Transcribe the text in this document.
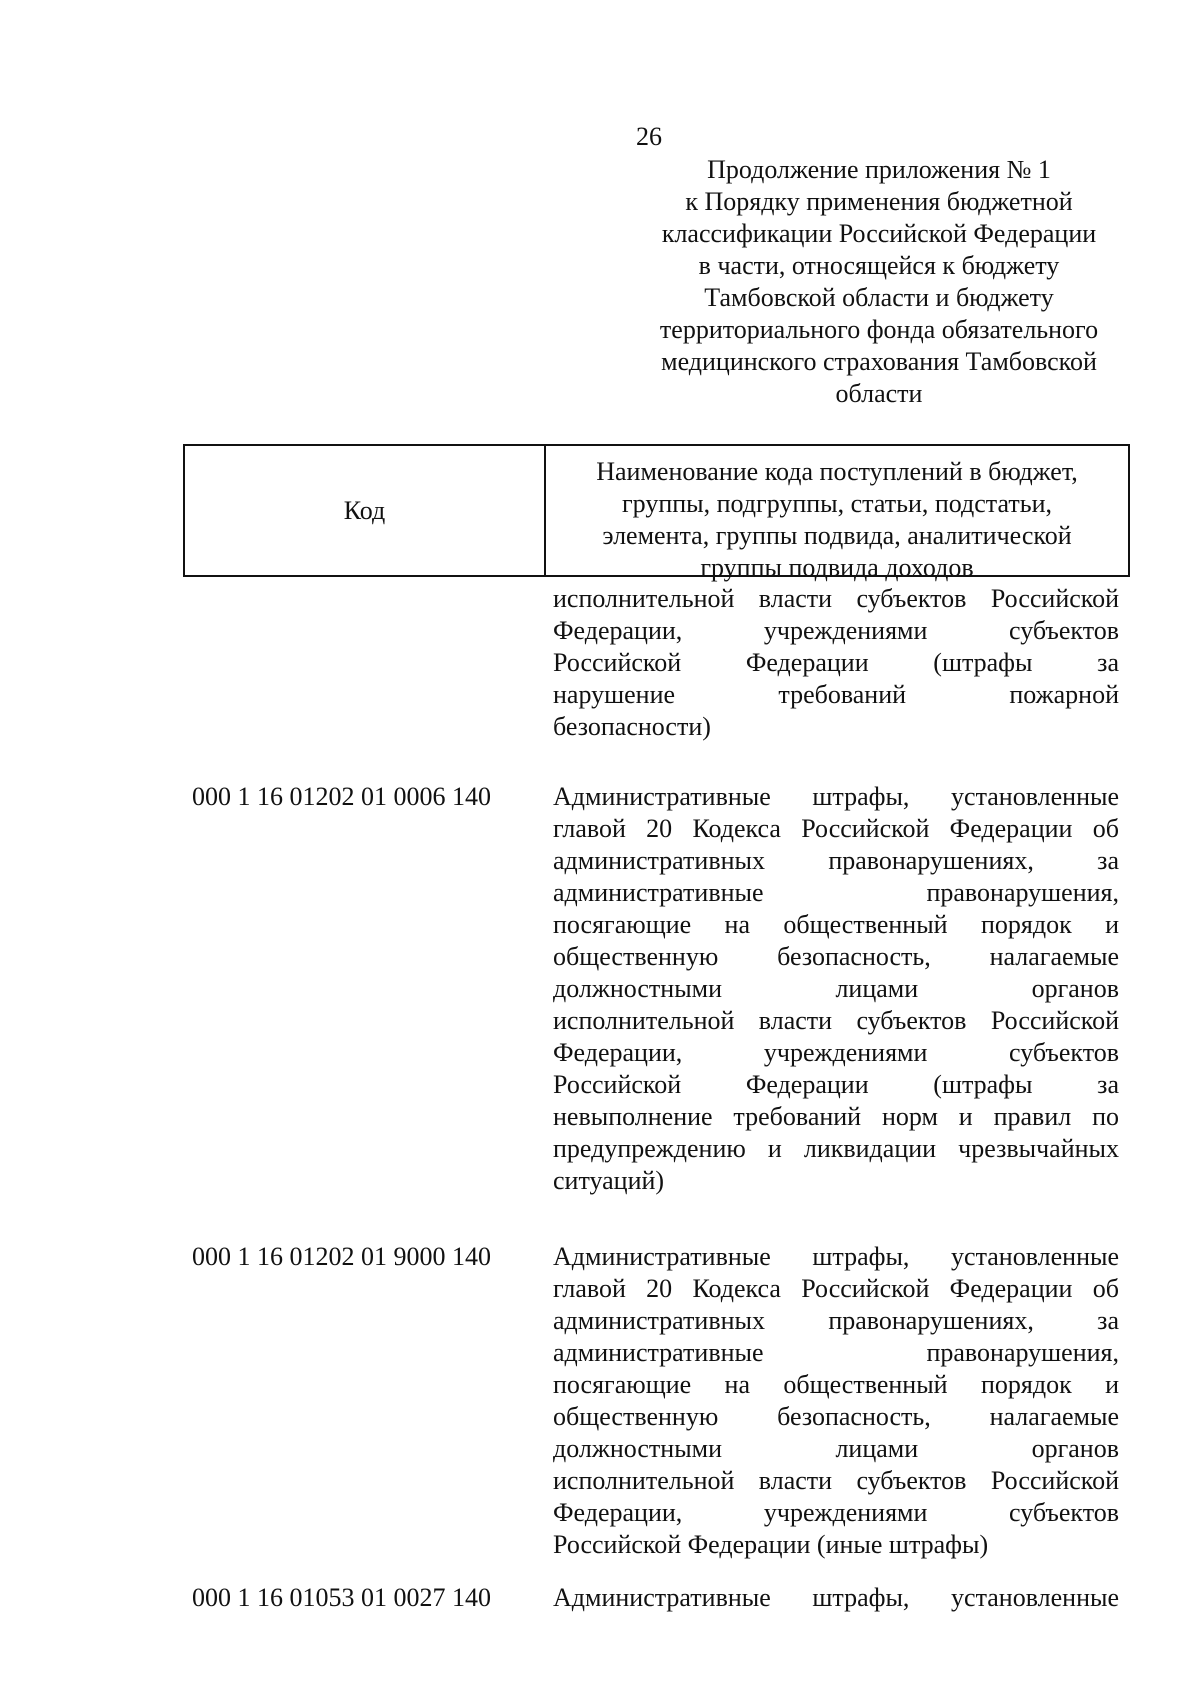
26
Продолжение приложения № 1
к Порядку применения бюджетной
классификации Российской Федерации
в части, относящейся к бюджету
Тамбовской области и бюджету
территориального фонда обязательного
медицинского страхования Тамбовской
области
Код
Наименование кода поступлений в бюджет,
группы, подгруппы, статьи, подстатьи,
элемента, группы подвида, аналитической
группы подвида доходов
исполнительной власти субъектов Российской
Федерации, учреждениями субъектов
Российской Федерации (штрафы за
нарушение требований пожарной
безопасности)
000 1 16 01202 01 0006 140 Административные штрафы, установленные
главой 20 Кодекса Российской Федерации об
административных правонарушениях, за
административные правонарушения,
посягающие на общественный порядок и
общественную безопасность, налагаемые
должностными лицами органов
исполнительной власти субъектов Российской
Федерации, учреждениями субъектов
Российской Федерации (штрафы за
невыполнение требований норм и правил по
предупреждению и ликвидации чрезвычайных
ситуаций)
000 1 16 01202 01 9000 140 Административные штрафы, установленные
главой 20 Кодекса Российской Федерации об
административных правонарушениях, за
административные правонарушения,
посягающие на общественный порядок и
общественную безопасность, налагаемые
должностными лицами органов
исполнительной власти субъектов Российской
Федерации, учреждениями субъектов
Российской Федерации (иные штрафы)
000 1 16 01053 01 0027 140 Административные штрафы, установленные
